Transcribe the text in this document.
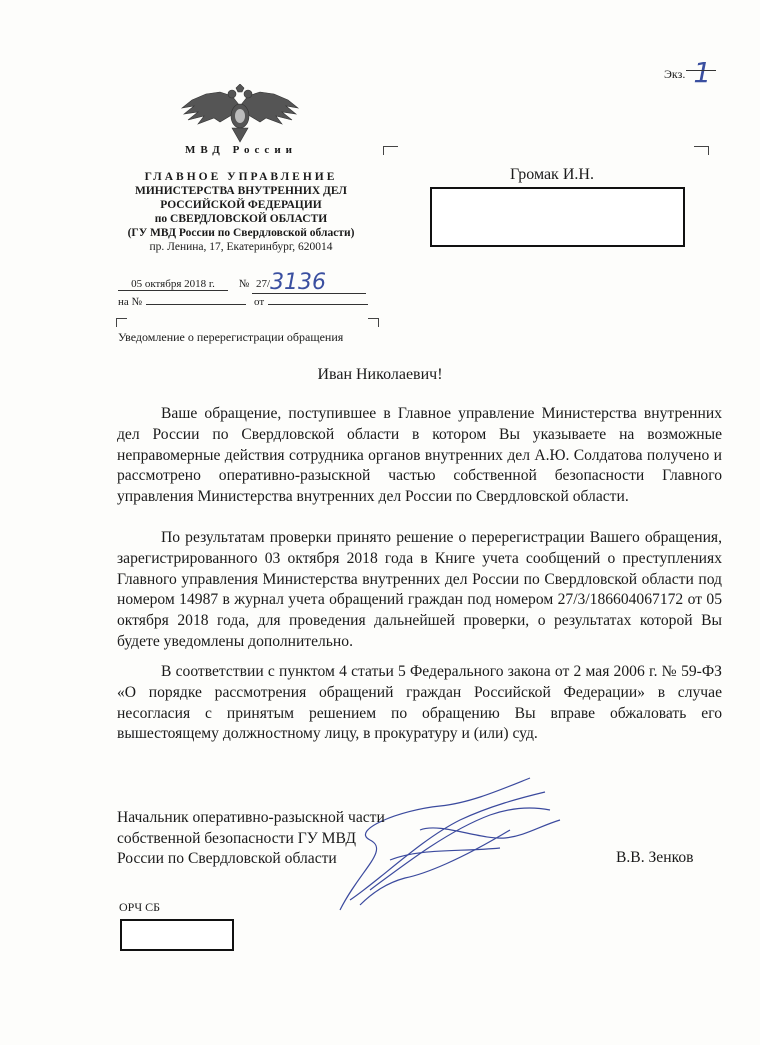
Экз. 1
МВД России
ГЛАВНОЕ УПРАВЛЕНИЕ
МИНИСТЕРСТВА ВНУТРЕННИХ ДЕЛ
РОССИЙСКОЙ ФЕДЕРАЦИИ
по СВЕРДЛОВСКОЙ ОБЛАСТИ
(ГУ МВД России по Свердловской области)
пр. Ленина, 17, Екатеринбург, 620014
05 октября 2018 г. № 27/3136
на №	от
Уведомление о перерегистрации обращения
Громак И.Н.
Иван Николаевич!
Ваше обращение, поступившее в Главное управление Министерства внутренних дел России по Свердловской области в котором Вы указываете на возможные неправомерные действия сотрудника органов внутренних дел А.Ю. Солдатова получено и рассмотрено оперативно-разыскной частью собственной безопасности Главного управления Министерства внутренних дел России по Свердловской области.
По результатам проверки принято решение о перерегистрации Вашего обращения, зарегистрированного 03 октября 2018 года в Книге учета сообщений о преступлениях Главного управления Министерства внутренних дел России по Свердловской области под номером 14987 в журнал учета обращений граждан под номером 27/3/186604067172 от 05 октября 2018 года, для проведения дальнейшей проверки, о результатах которой Вы будете уведомлены дополнительно.
В соответствии с пунктом 4 статьи 5 Федерального закона от 2 мая 2006 г. № 59-ФЗ «О порядке рассмотрения обращений граждан Российской Федерации» в случае несогласия с принятым решением по обращению Вы вправе обжаловать его вышестоящему должностному лицу, в прокуратуру и (или) суд.
Начальник оперативно-разыскной части
собственной безопасности ГУ МВД
России по Свердловской области	В.В. Зенков
ОРЧ СБ
